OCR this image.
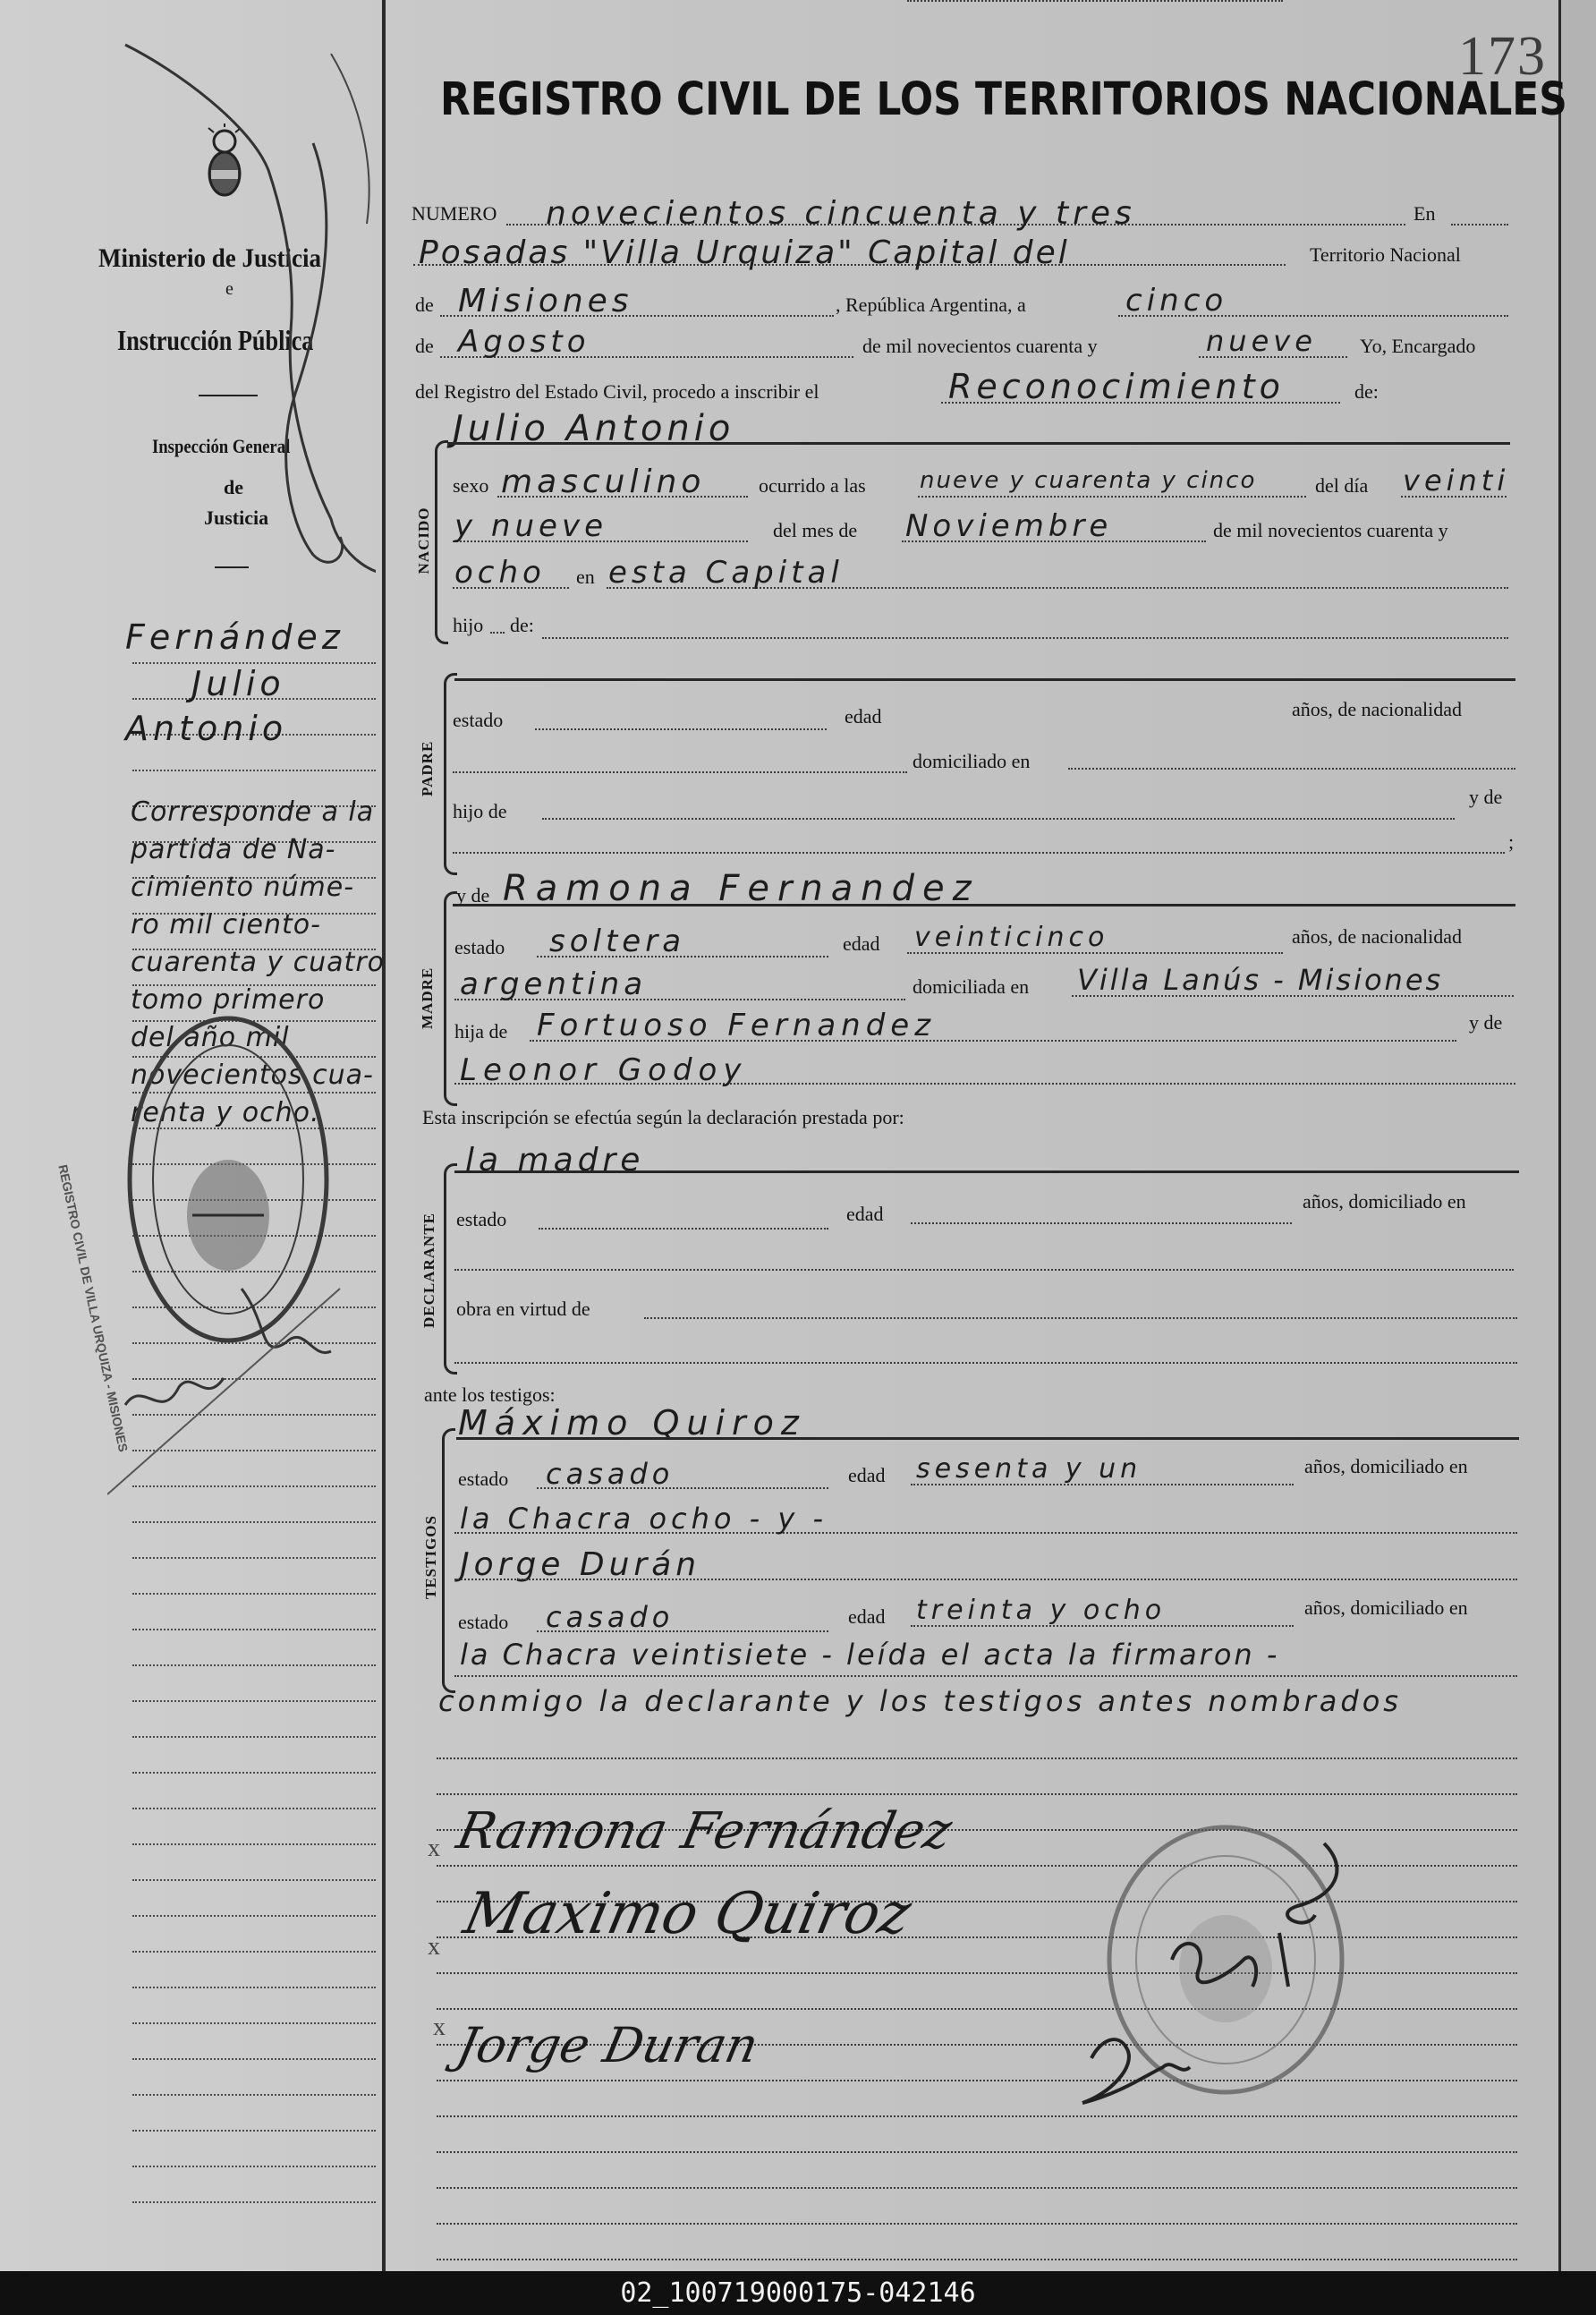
173
REGISTRO CIVIL DE LOS TERRITORIOS NACIONALES
Ministerio de Justicia
e
Instrucción Pública
Inspección General
de
Justicia
Fernández
Julio
Antonio
Corresponde a la
partida de Na-
cimiento núme-
ro mil ciento-
cuarenta y cuatro
tomo primero
del año mil
novecientos cua-
renta y ocho.
REGISTRO CIVIL DE VILLA URQUIZA - MISIONES
NUMERO novecientos cincuenta y tres	En
Posadas "Villa Urquiza" Capital del	Territorio Nacional
de Misiones	, República Argentina, a	cinco
de Agosto	de mil novecientos cuarenta y	nueve Yo, Encargado
del Registro del Estado Civil, procedo a inscribir el	Reconocimiento	de:
NACIDO
Julio Antonio
sexo masculino	ocurrido a las nueve y cuarenta y cinco	del día veinti
y nueve	del mes de Noviembre	de mil novecientos cuarenta y
ocho en esta Capital
hijo de:
PADRE
estado	edad	años, de nacionalidad
domiciliado en
hijo de
y de
;
MADRE
y de Ramona Fernandez
estado soltera	edad veinticinco	años, de nacionalidad
argentina	domiciliada en Villa Lanús - Misiones
hija de Fortuoso Fernandez	y de
Leonor Godoy
Esta inscripción se efectúa según la declaración prestada por:
DECLARANTE
la madre
estado	edad
años, domiciliado en
obra en virtud de
ante los testigos:
TESTIGOS
Máximo Quiroz
estado casado	edad sesenta y un	años, domiciliado en
la Chacra ocho - y -
Jorge Durán
estado casado	edad treinta y ocho	años, domiciliado en
la Chacra veintisiete - leída el acta la firmaron -
conmigo la declarante y los testigos antes nombrados
x
x
x
Ramona Fernández
Maximo Quiroz
Jorge Duran
02_100719000175-042146
